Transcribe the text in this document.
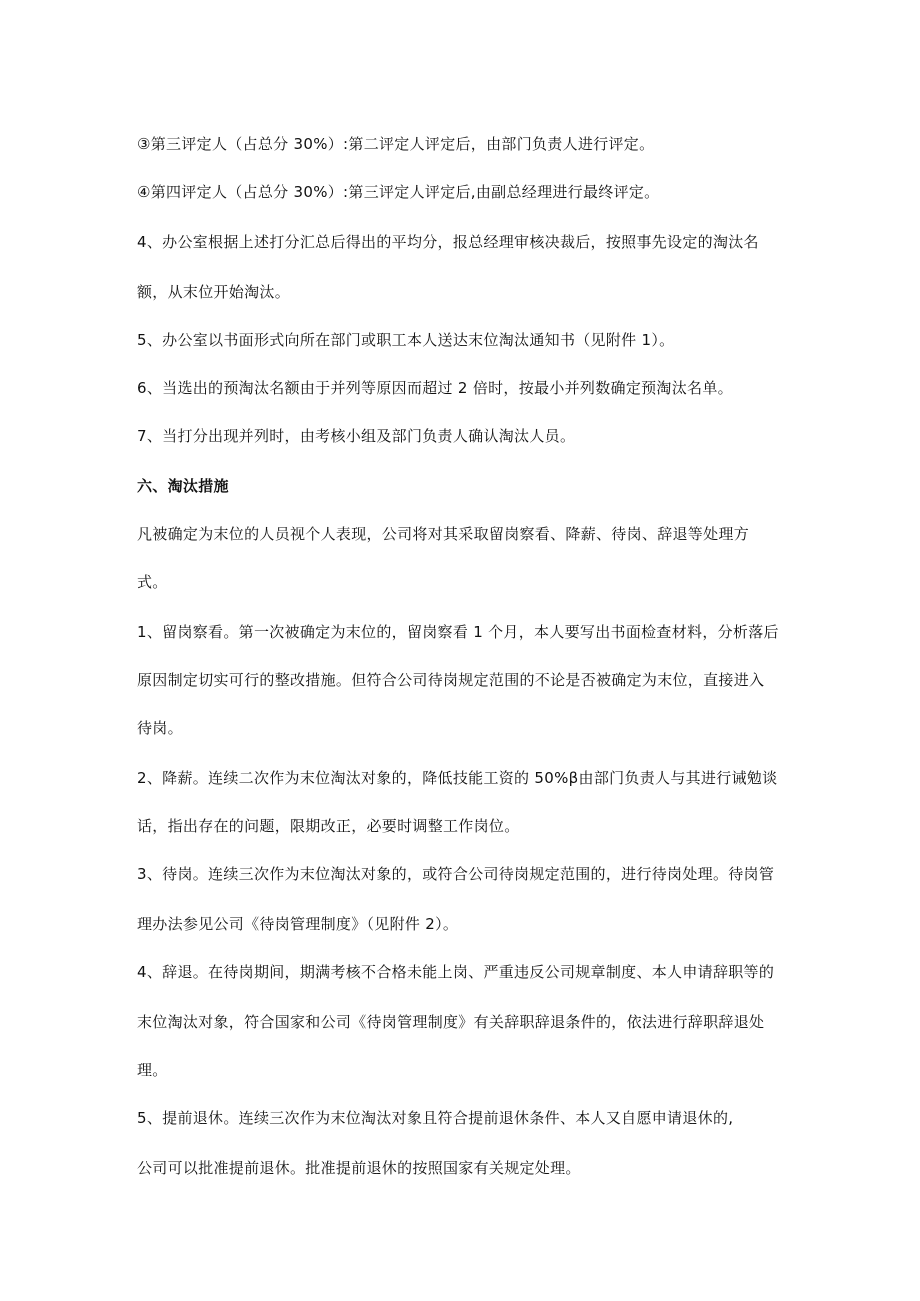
③第三评定人（占总分 30%）:第二评定人评定后，由部门负责人进行评定。
④第四评定人（占总分 30%）:第三评定人评定后,由副总经理进行最终评定。
4、办公室根据上述打分汇总后得出的平均分，报总经理审核决裁后，按照事先设定的淘汰名
额，从末位开始淘汰。
5、办公室以书面形式向所在部门或职工本人送达末位淘汰通知书（见附件 1）。
6、当选出的预淘汰名额由于并列等原因而超过 2 倍时，按最小并列数确定预淘汰名单。
7、当打分出现并列时，由考核小组及部门负责人确认淘汰人员。
六、淘汰措施
凡被确定为末位的人员视个人表现，公司将对其采取留岗察看、降薪、待岗、辞退等处理方
式。
1、留岗察看。第一次被确定为末位的，留岗察看 1 个月，本人要写出书面检查材料，分析落后
原因制定切实可行的整改措施。但符合公司待岗规定范围的不论是否被确定为末位，直接进入
待岗。
2、降薪。连续二次作为末位淘汰对象的，降低技能工资的 50%β由部门负责人与其进行诫勉谈
话，指出存在的问题，限期改正，必要时调整工作岗位。
3、待岗。连续三次作为末位淘汰对象的，或符合公司待岗规定范围的，进行待岗处理。待岗管
理办法参见公司《待岗管理制度》（见附件 2）。
4、辞退。在待岗期间，期满考核不合格未能上岗、严重违反公司规章制度、本人申请辞职等的
末位淘汰对象，符合国家和公司《待岗管理制度》有关辞职辞退条件的，依法进行辞职辞退处
理。
5、提前退休。连续三次作为末位淘汰对象且符合提前退休条件、本人又自愿申请退休的,
公司可以批准提前退休。批准提前退休的按照国家有关规定处理。
